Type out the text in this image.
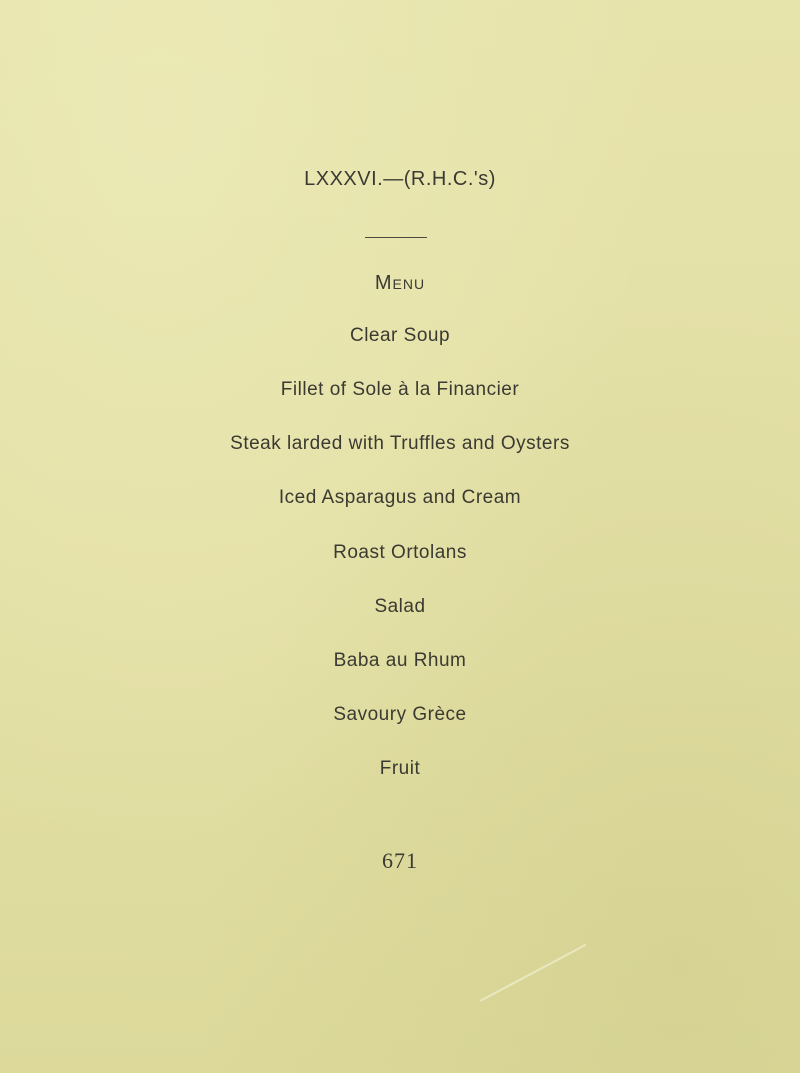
LXXXVI.—(R.H.C.'s)
Menu
Clear Soup
Fillet of Sole à la Financier
Steak larded with Truffles and Oysters
Iced Asparagus and Cream
Roast Ortolans
Salad
Baba au Rhum
Savoury Grèce
Fruit
671
